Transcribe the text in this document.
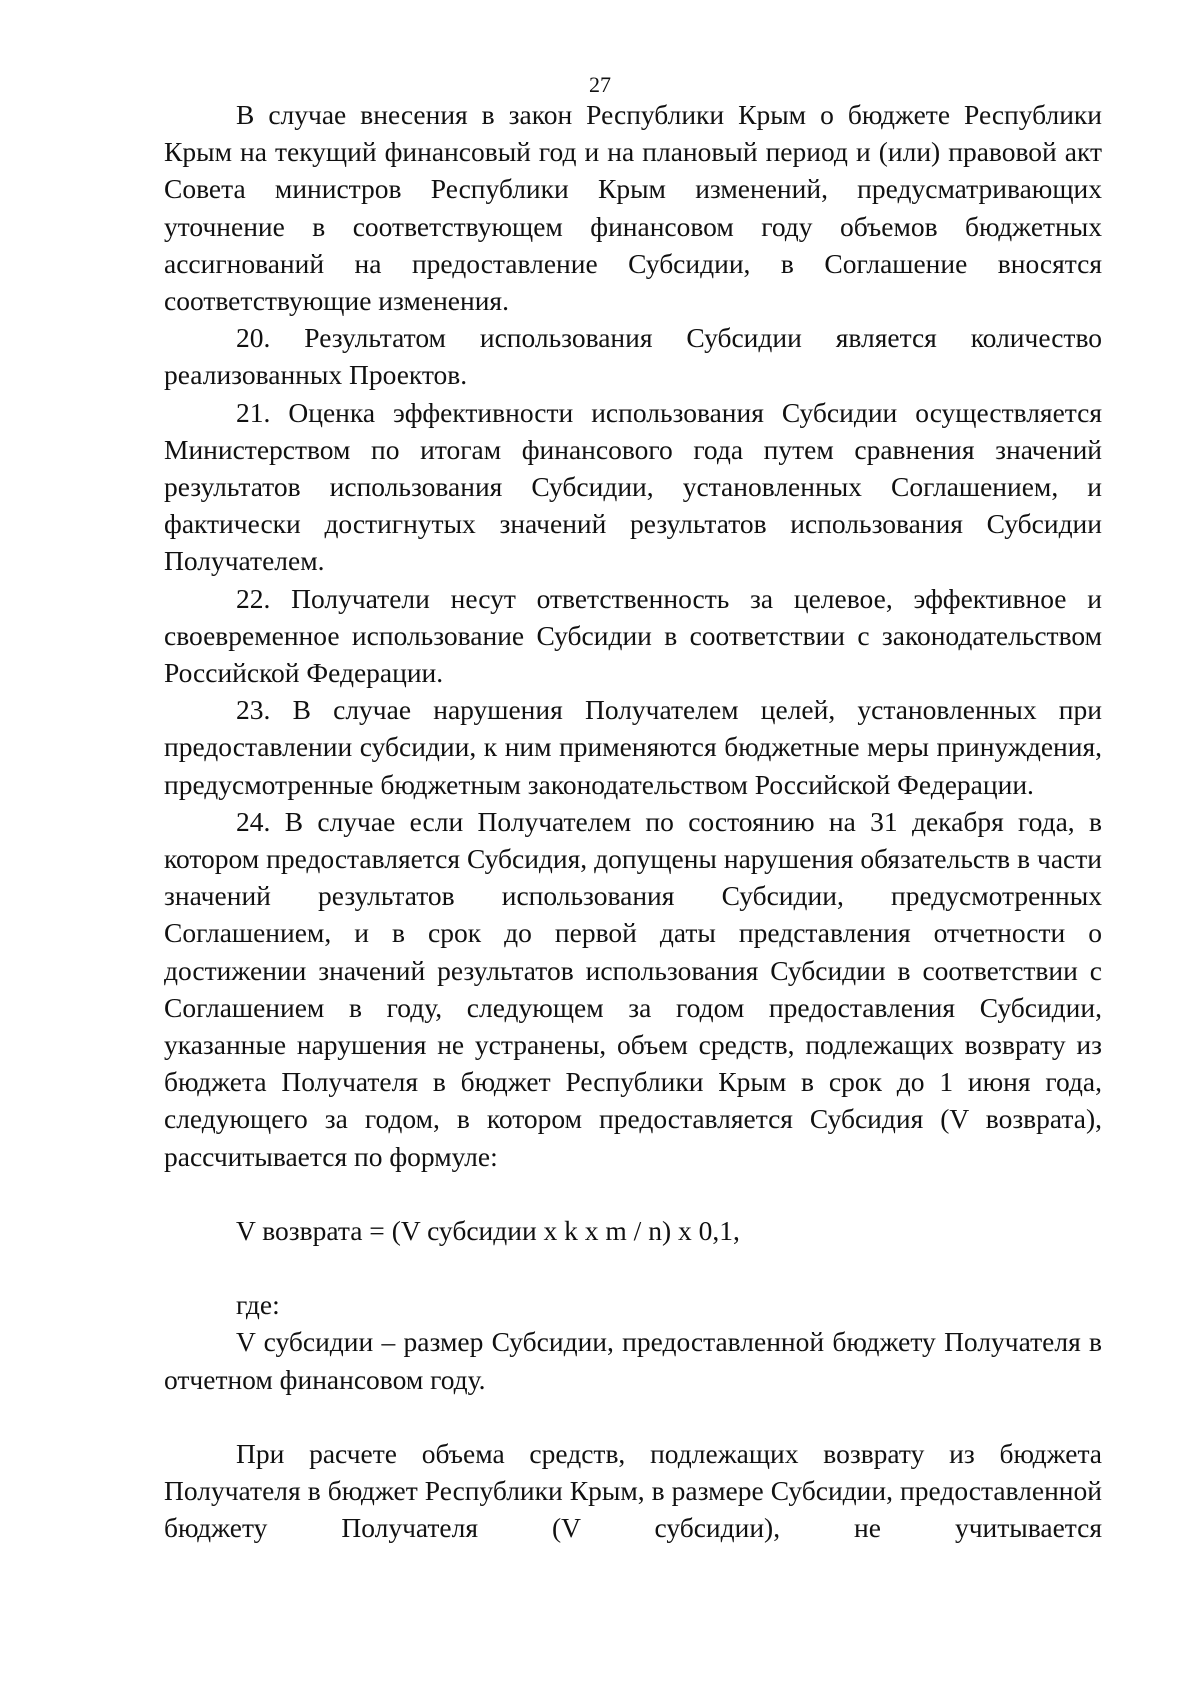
27

В случае внесения в закон Республики Крым о бюджете Республики Крым на текущий финансовый год и на плановый период и (или) правовой акт Совета министров Республики Крым изменений, предусматривающих уточнение в соответствующем финансовом году объемов бюджетных ассигнований на предоставление Субсидии, в Соглашение вносятся соответствующие изменения.

20. Результатом использования Субсидии является количество реализованных Проектов.

21. Оценка эффективности использования Субсидии осуществляется Министерством по итогам финансового года путем сравнения значений результатов использования Субсидии, установленных Соглашением, и фактически достигнутых значений результатов использования Субсидии Получателем.

22. Получатели несут ответственность за целевое, эффективное и своевременное использование Субсидии в соответствии с законодательством Российской Федерации.

23. В случае нарушения Получателем целей, установленных при предоставлении субсидии, к ним применяются бюджетные меры принуждения, предусмотренные бюджетным законодательством Российской Федерации.

24. В случае если Получателем по состоянию на 31 декабря года, в котором предоставляется Субсидия, допущены нарушения обязательств в части значений результатов использования Субсидии, предусмотренных Соглашением, и в срок до первой даты представления отчетности о достижении значений результатов использования Субсидии в соответствии с Соглашением в году, следующем за годом предоставления Субсидии, указанные нарушения не устранены, объем средств, подлежащих возврату из бюджета Получателя в бюджет Республики Крым в срок до 1 июня года, следующего за годом, в котором предоставляется Субсидия (V возврата), рассчитывается по формуле:

V возврата = (V субсидии x k x m / n) x 0,1,

где:

V субсидии – размер Субсидии, предоставленной бюджету Получателя в отчетном финансовом году.

При расчете объема средств, подлежащих возврату из бюджета Получателя в бюджет Республики Крым, в размере Субсидии, предоставленной бюджету Получателя (V субсидии), не учитывается
